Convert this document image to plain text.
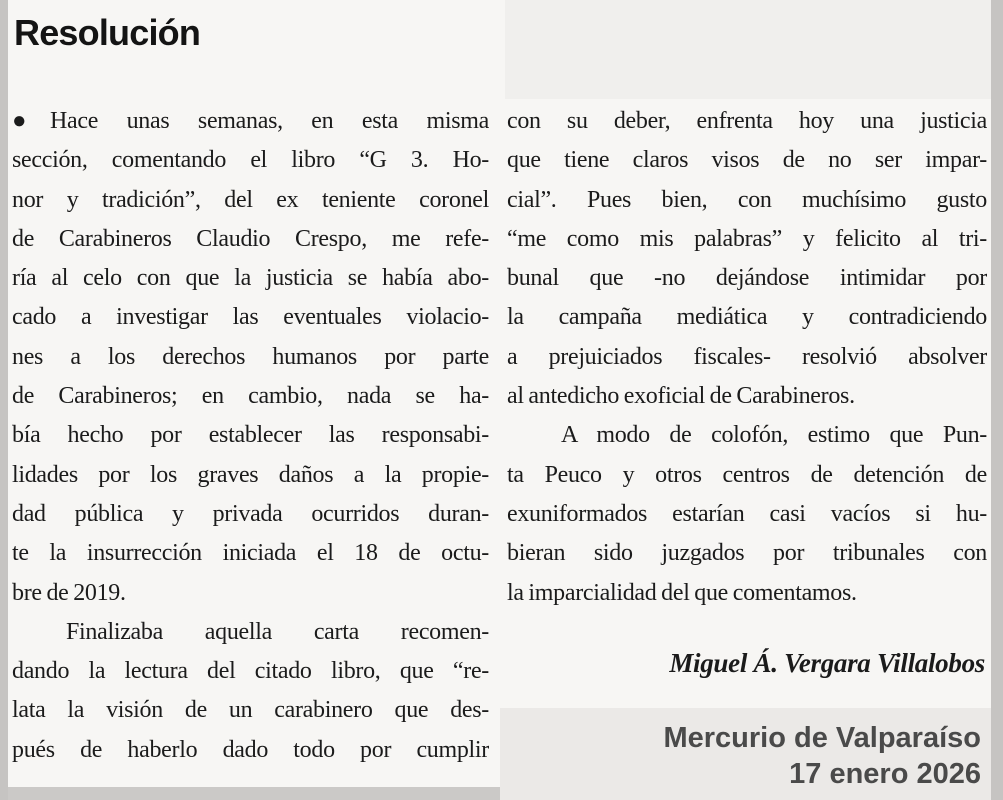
Resolución
●Hace unas semanas, en esta misma
sección, comentando el libro “G 3. Ho-
nor y tradición”, del ex teniente coronel
de Carabineros Claudio Crespo, me refe-
ría al celo con que la justicia se había abo-
cado a investigar las eventuales violacio-
nes a los derechos humanos por parte
de Carabineros; en cambio, nada se ha-
bía hecho por establecer las responsabi-
lidades por los graves daños a la propie-
dad pública y privada ocurridos duran-
te la insurrección iniciada el 18 de octu-
bre de 2019.
Finalizaba aquella carta recomen-
dando la lectura del citado libro, que “re-
lata la visión de un carabinero que des-
pués de haberlo dado todo por cumplir
con su deber, enfrenta hoy una justicia
que tiene claros visos de no ser impar-
cial”. Pues bien, con muchísimo gusto
“me como mis palabras” y felicito al tri-
bunal que -no dejándose intimidar por
la campaña mediática y contradiciendo
a prejuiciados fiscales- resolvió absolver
al antedicho exoficial de Carabineros.
A modo de colofón, estimo que Pun-
ta Peuco y otros centros de detención de
exuniformados estarían casi vacíos si hu-
bieran sido juzgados por tribunales con
la imparcialidad del que comentamos.
Miguel Á. Vergara Villalobos
Mercurio de Valparaíso
17 enero 2026
